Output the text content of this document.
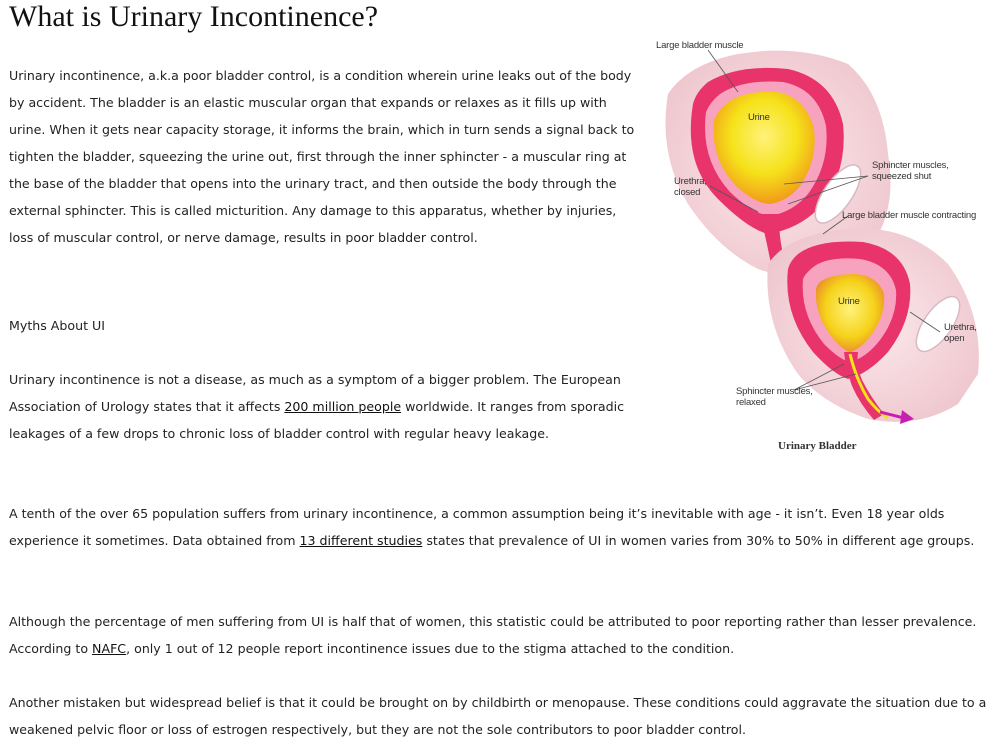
What is Urinary Incontinence?

Urinary incontinence, a.k.a poor bladder control, is a condition wherein urine leaks out of the body by accident. The bladder is an elastic muscular organ that expands or relaxes as it fills up with urine. When it gets near capacity storage, it informs the brain, which in turn sends a signal back to tighten the bladder, squeezing the urine out, first through the inner sphincter - a muscular ring at the base of the bladder that opens into the urinary tract, and then outside the body through the external sphincter. This is called micturition. Any damage to this apparatus, whether by injuries, loss of muscular control, or nerve damage, results in poor bladder control.

Myths About UI

Urinary incontinence is not a disease, as much as a symptom of a bigger problem. The European Association of Urology states that it affects 200 million people worldwide. It ranges from sporadic leakages of a few drops to chronic loss of bladder control with regular heavy leakage.

A tenth of the over 65 population suffers from urinary incontinence, a common assumption being it’s inevitable with age - it isn’t. Even 18 year olds experience it sometimes. Data obtained from 13 different studies states that prevalence of UI in women varies from 30% to 50% in different age groups.

Although the percentage of men suffering from UI is half that of women, this statistic could be attributed to poor reporting rather than lesser prevalence. According to NAFC, only 1 out of 12 people report incontinence issues due to the stigma attached to the condition.

Another mistaken but widespread belief is that it could be brought on by childbirth or menopause. These conditions could aggravate the situation due to a weakened pelvic floor or loss of estrogen respectively, but they are not the sole contributors to poor bladder control.

Large bladder muscle
Urine
Urethra,
closed
Sphincter muscles,
squeezed shut
Large bladder muscle contracting
Urine
Urethra,
open
Sphincter muscles,
relaxed
Urinary Bladder
